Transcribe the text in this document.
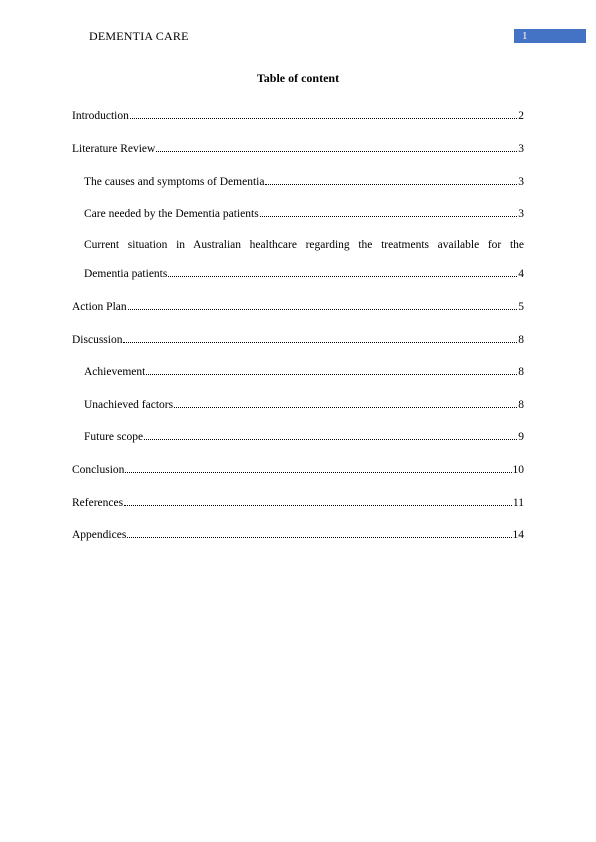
DEMENTIA CARE	1
Table of content
Introduction	2
Literature Review	3
The causes and symptoms of Dementia	3
Care needed by the Dementia patients	3
Current situation in Australian healthcare regarding the treatments available for the
Dementia patients	4
Action Plan	5
Discussion	8
Achievement	8
Unachieved factors	8
Future scope	9
Conclusion	10
References	11
Appendices	14
